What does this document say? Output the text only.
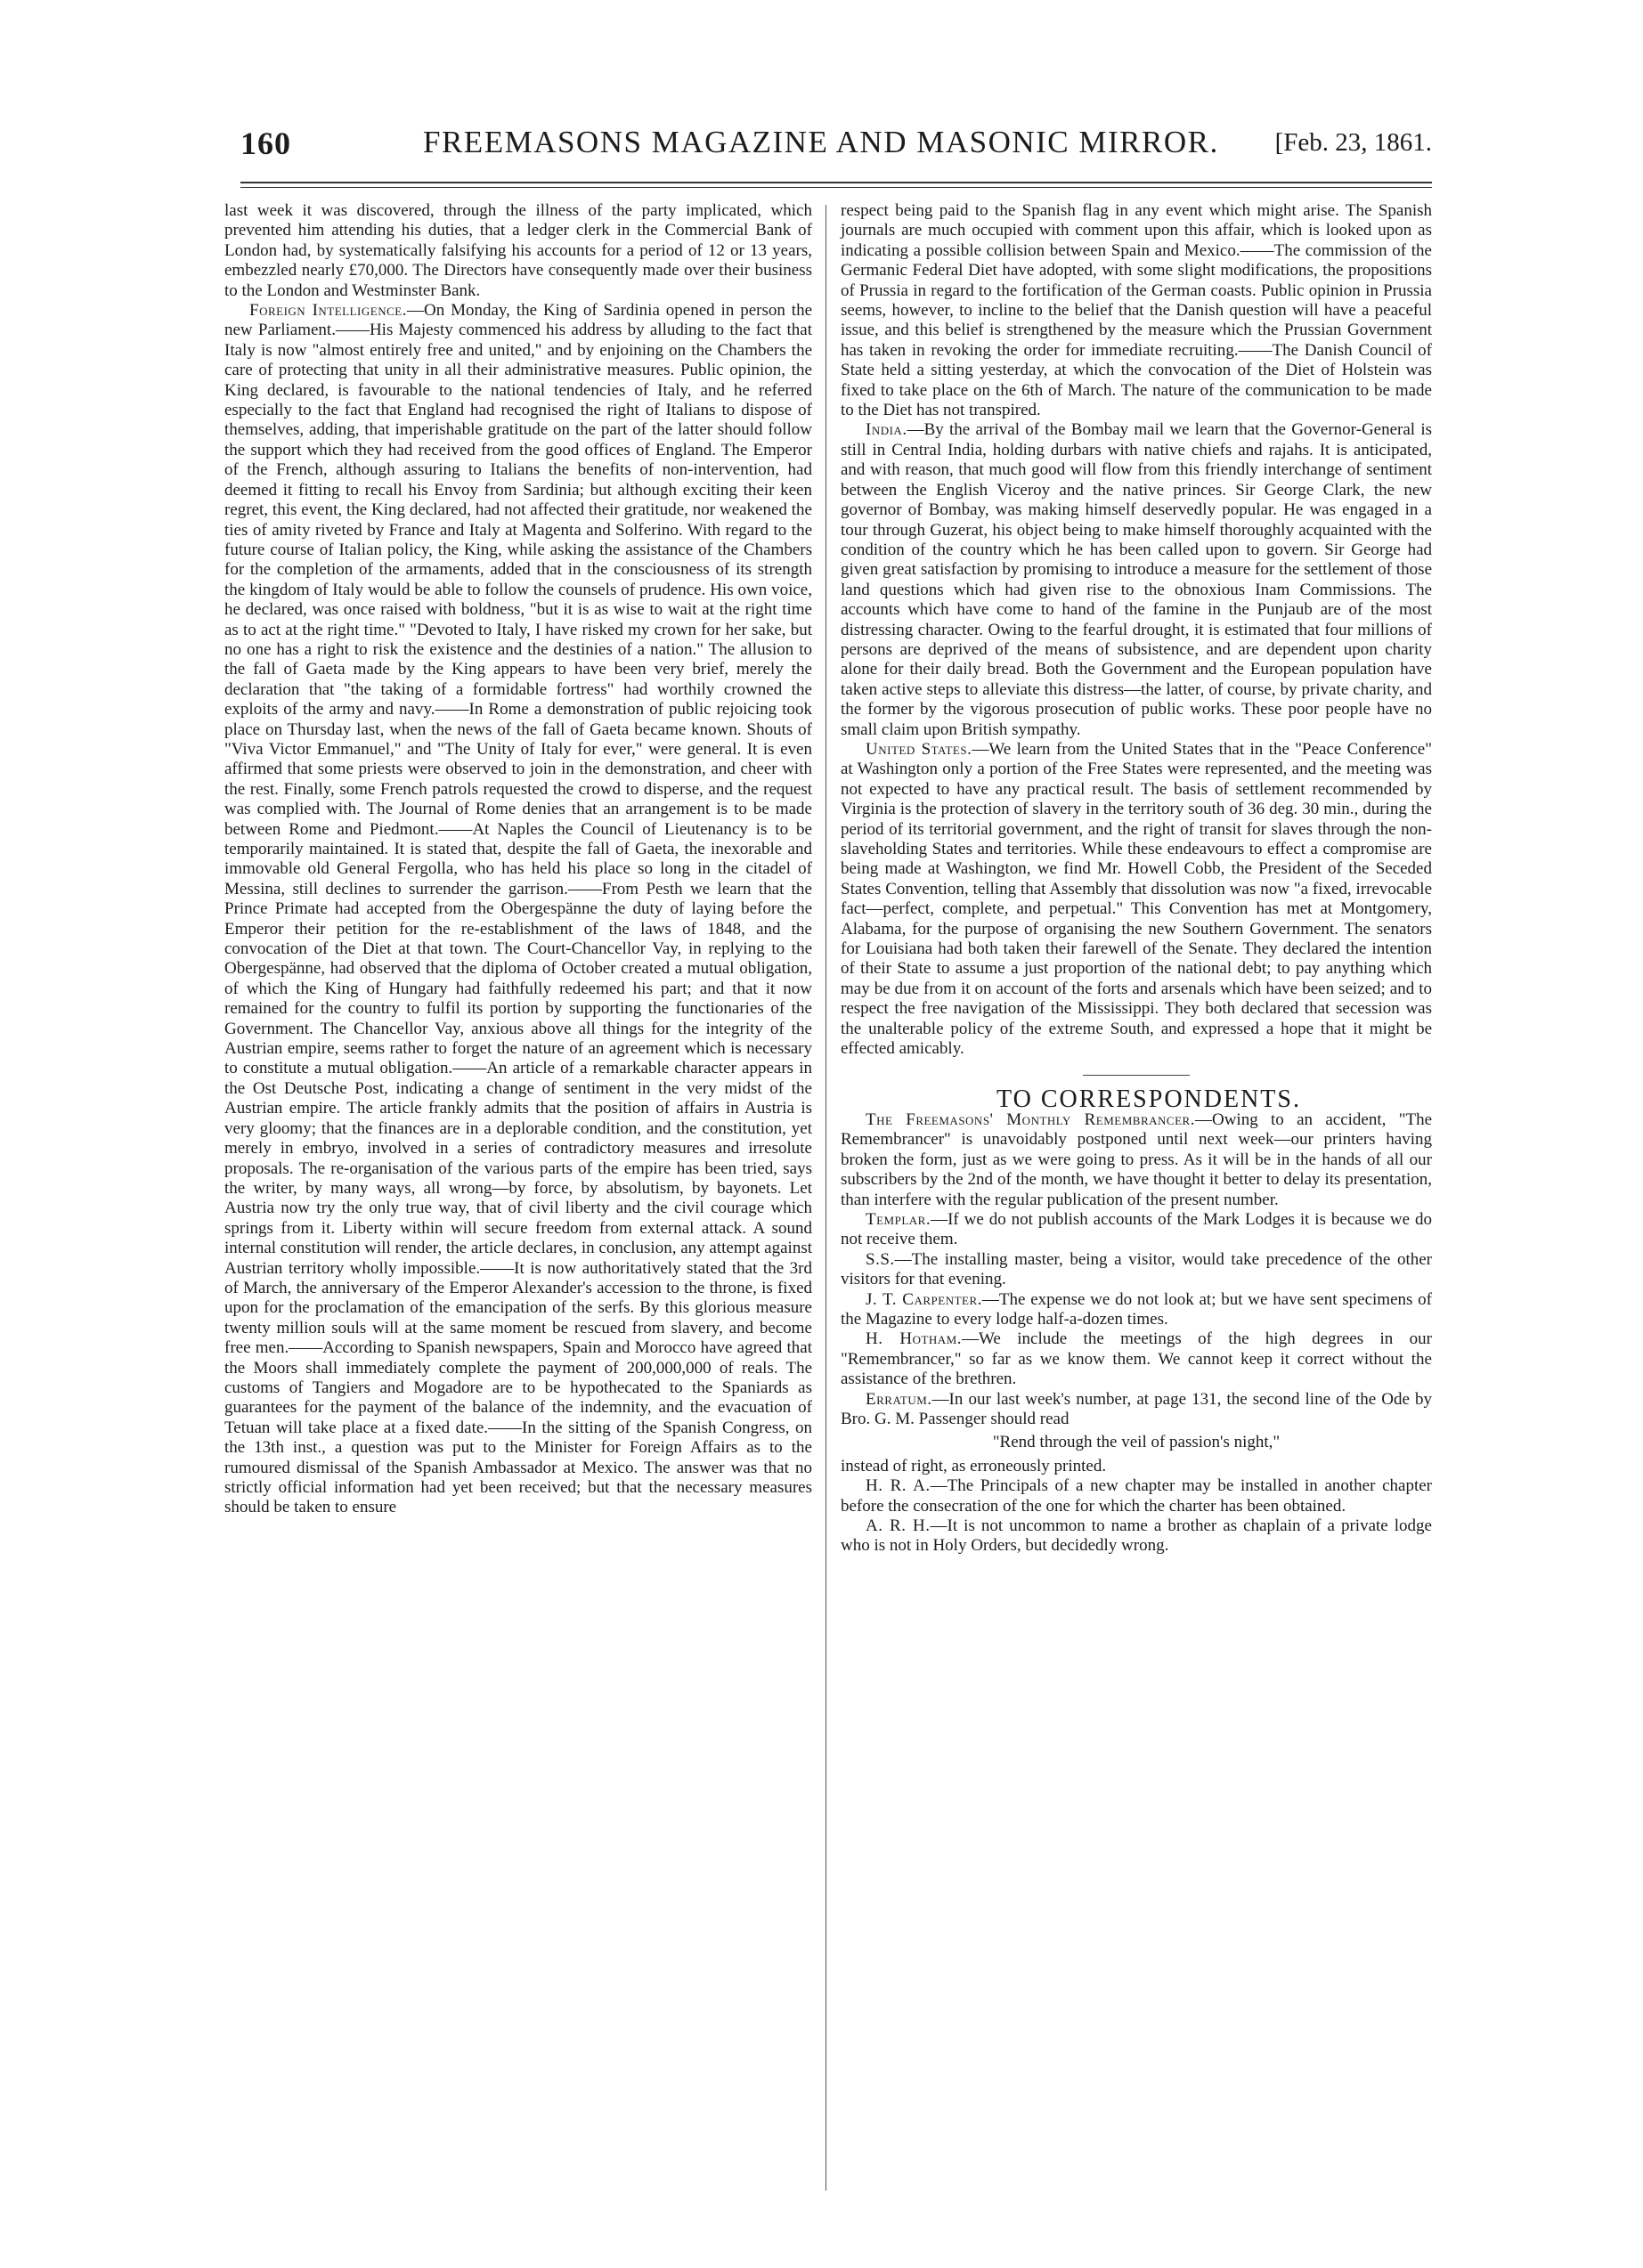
160	FREEMASONS MAGAZINE AND MASONIC MIRROR. [Feb. 23, 1861.

last week it was discovered, through the illness of the party implicated, which prevented him attending his duties, that a ledger clerk in the Commercial Bank of London had, by systematically falsifying his accounts for a period of 12 or 13 years, embezzled nearly £70,000. The Directors have consequently made over their business to the London and Westminster Bank.

Foreign Intelligence.—On Monday, the King of Sardinia opened in person the new Parliament.——His Majesty commenced his address by alluding to the fact that Italy is now "almost entirely free and united," and by enjoining on the Chambers the care of protecting that unity in all their administrative measures. Public opinion, the King declared, is favourable to the national tendencies of Italy, and he referred especially to the fact that England had recognised the right of Italians to dispose of themselves, adding, that imperishable gratitude on the part of the latter should follow the support which they had received from the good offices of England. The Emperor of the French, although assuring to Italians the benefits of non-intervention, had deemed it fitting to recall his Envoy from Sardinia; but although exciting their keen regret, this event, the King declared, had not affected their gratitude, nor weakened the ties of amity riveted by France and Italy at Magenta and Solferino. With regard to the future course of Italian policy, the King, while asking the assistance of the Chambers for the completion of the armaments, added that in the consciousness of its strength the kingdom of Italy would be able to follow the counsels of prudence. His own voice, he declared, was once raised with boldness, "but it is as wise to wait at the right time as to act at the right time." "Devoted to Italy, I have risked my crown for her sake, but no one has a right to risk the existence and the destinies of a nation." The allusion to the fall of Gaeta made by the King appears to have been very brief, merely the declaration that "the taking of a formidable fortress" had worthily crowned the exploits of the army and navy.——In Rome a demonstration of public rejoicing took place on Thursday last, when the news of the fall of Gaeta became known. Shouts of "Viva Victor Emmanuel," and "The Unity of Italy for ever," were general. It is even affirmed that some priests were observed to join in the demonstration, and cheer with the rest. Finally, some French patrols requested the crowd to disperse, and the request was complied with. The Journal of Rome denies that an arrangement is to be made between Rome and Piedmont.——At Naples the Council of Lieutenancy is to be temporarily maintained. It is stated that, despite the fall of Gaeta, the inexorable and immovable old General Fergolla, who has held his place so long in the citadel of Messina, still declines to surrender the garrison.——From Pesth we learn that the Prince Primate had accepted from the Obergespänne the duty of laying before the Emperor their petition for the re-establishment of the laws of 1848, and the convocation of the Diet at that town. The Court-Chancellor Vay, in replying to the Obergespänne, had observed that the diploma of October created a mutual obligation, of which the King of Hungary had faithfully redeemed his part; and that it now remained for the country to fulfil its portion by supporting the functionaries of the Government. The Chancellor Vay, anxious above all things for the integrity of the Austrian empire, seems rather to forget the nature of an agreement which is necessary to constitute a mutual obligation.——An article of a remarkable character appears in the Ost Deutsche Post, indicating a change of sentiment in the very midst of the Austrian empire. The article frankly admits that the position of affairs in Austria is very gloomy; that the finances are in a deplorable condition, and the constitution, yet merely in embryo, involved in a series of contradictory measures and irresolute proposals. The re-organisation of the various parts of the empire has been tried, says the writer, by many ways, all wrong—by force, by absolutism, by bayonets. Let Austria now try the only true way, that of civil liberty and the civil courage which springs from it. Liberty within will secure freedom from external attack. A sound internal constitution will render, the article declares, in conclusion, any attempt against Austrian territory wholly impossible.——It is now authoritatively stated that the 3rd of March, the anniversary of the Emperor Alexander's accession to the throne, is fixed upon for the proclamation of the emancipation of the serfs. By this glorious measure twenty million souls will at the same moment be rescued from slavery, and become free men.——According to Spanish newspapers, Spain and Morocco have agreed that the Moors shall immediately complete the payment of 200,000,000 of reals. The customs of Tangiers and Mogadore are to be hypothecated to the Spaniards as guarantees for the payment of the balance of the indemnity, and the evacuation of Tetuan will take place at a fixed date.——In the sitting of the Spanish Congress, on the 13th inst., a question was put to the Minister for Foreign Affairs as to the rumoured dismissal of the Spanish Ambassador at Mexico. The answer was that no strictly official information had yet been received; but that the necessary measures should be taken to ensure

respect being paid to the Spanish flag in any event which might arise. The Spanish journals are much occupied with comment upon this affair, which is looked upon as indicating a possible collision between Spain and Mexico.——The commission of the Germanic Federal Diet have adopted, with some slight modifications, the propositions of Prussia in regard to the fortification of the German coasts. Public opinion in Prussia seems, however, to incline to the belief that the Danish question will have a peaceful issue, and this belief is strengthened by the measure which the Prussian Government has taken in revoking the order for immediate recruiting.——The Danish Council of State held a sitting yesterday, at which the convocation of the Diet of Holstein was fixed to take place on the 6th of March. The nature of the communication to be made to the Diet has not transpired.

India.—By the arrival of the Bombay mail we learn that the Governor-General is still in Central India, holding durbars with native chiefs and rajahs. It is anticipated, and with reason, that much good will flow from this friendly interchange of sentiment between the English Viceroy and the native princes. Sir George Clark, the new governor of Bombay, was making himself deservedly popular. He was engaged in a tour through Guzerat, his object being to make himself thoroughly acquainted with the condition of the country which he has been called upon to govern. Sir George had given great satisfaction by promising to introduce a measure for the settlement of those land questions which had given rise to the obnoxious Inam Commissions. The accounts which have come to hand of the famine in the Punjaub are of the most distressing character. Owing to the fearful drought, it is estimated that four millions of persons are deprived of the means of subsistence, and are dependent upon charity alone for their daily bread. Both the Government and the European population have taken active steps to alleviate this distress—the latter, of course, by private charity, and the former by the vigorous prosecution of public works. These poor people have no small claim upon British sympathy.

United States.—We learn from the United States that in the "Peace Conference" at Washington only a portion of the Free States were represented, and the meeting was not expected to have any practical result. The basis of settlement recommended by Virginia is the protection of slavery in the territory south of 36 deg. 30 min., during the period of its territorial government, and the right of transit for slaves through the non-slaveholding States and territories. While these endeavours to effect a compromise are being made at Washington, we find Mr. Howell Cobb, the President of the Seceded States Convention, telling that Assembly that dissolution was now "a fixed, irrevocable fact—perfect, complete, and perpetual." This Convention has met at Montgomery, Alabama, for the purpose of organising the new Southern Government. The senators for Louisiana had both taken their farewell of the Senate. They declared the intention of their State to assume a just proportion of the national debt; to pay anything which may be due from it on account of the forts and arsenals which have been seized; and to respect the free navigation of the Mississippi. They both declared that secession was the unalterable policy of the extreme South, and expressed a hope that it might be effected amicably.

TO CORRESPONDENTS.

The Freemasons' Monthly Remembrancer.—Owing to an accident, "The Remembrancer" is unavoidably postponed until next week—our printers having broken the form, just as we were going to press. As it will be in the hands of all our subscribers by the 2nd of the month, we have thought it better to delay its presentation, than interfere with the regular publication of the present number.

Templar.—If we do not publish accounts of the Mark Lodges it is because we do not receive them.

S.S.—The installing master, being a visitor, would take precedence of the other visitors for that evening.

J. T. Carpenter.—The expense we do not look at; but we have sent specimens of the Magazine to every lodge half-a-dozen times.

H. Hotham.—We include the meetings of the high degrees in our "Remembrancer," so far as we know them. We cannot keep it correct without the assistance of the brethren.

Erratum.—In our last week's number, at page 131, the second line of the Ode by Bro. G. M. Passenger should read

"Rend through the veil of passion's night,"

instead of right, as erroneously printed.

H. R. A.—The Principals of a new chapter may be installed in another chapter before the consecration of the one for which the charter has been obtained.

A. R. H.—It is not uncommon to name a brother as chaplain of a private lodge who is not in Holy Orders, but decidedly wrong.
